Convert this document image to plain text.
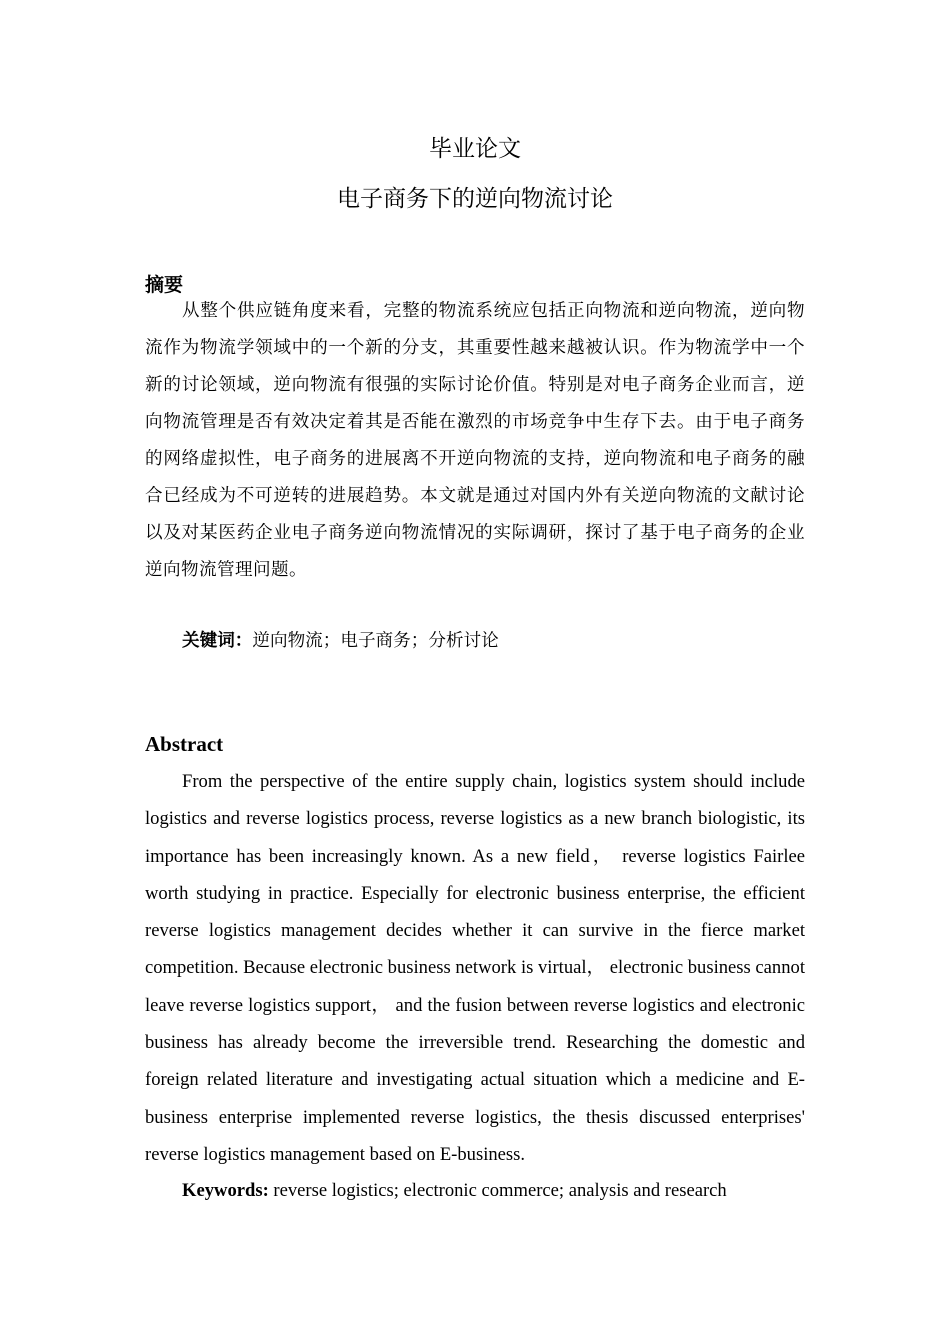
毕业论文
电子商务下的逆向物流讨论
摘要

从整个供应链角度来看，完整的物流系统应包括正向物流和逆向物流，逆向物流作为物流学领域中的一个新的分支，其重要性越来越被认识。作为物流学中一个新的讨论领域，逆向物流有很强的实际讨论价值。特别是对电子商务企业而言，逆向物流管理是否有效决定着其是否能在激烈的市场竞争中生存下去。由于电子商务的网络虚拟性，电子商务的进展离不开逆向物流的支持，逆向物流和电子商务的融合已经成为不可逆转的进展趋势。本文就是通过对国内外有关逆向物流的文献讨论以及对某医药企业电子商务逆向物流情况的实际调研，探讨了基于电子商务的企业逆向物流管理问题。

关键词：逆向物流；电子商务；分析讨论

Abstract

From the perspective of the entire supply chain, logistics system should include logistics and reverse logistics process, reverse logistics as a new branch biologistic, its importance has been increasingly known. As a new field， reverse logistics Fairlee worth studying in practice. Especially for electronic business enterprise, the efficient reverse logistics management decides whether it can survive in the fierce market competition. Because electronic business network is virtual， electronic business cannot leave reverse logistics support， and the fusion between reverse logistics and electronic business has already become the irreversible trend. Researching the domestic and foreign related literature and investigating actual situation which a medicine and E-business enterprise implemented reverse logistics, the thesis discussed enterprises' reverse logistics management based on E-business.

Keywords: reverse logistics; electronic commerce; analysis and research
